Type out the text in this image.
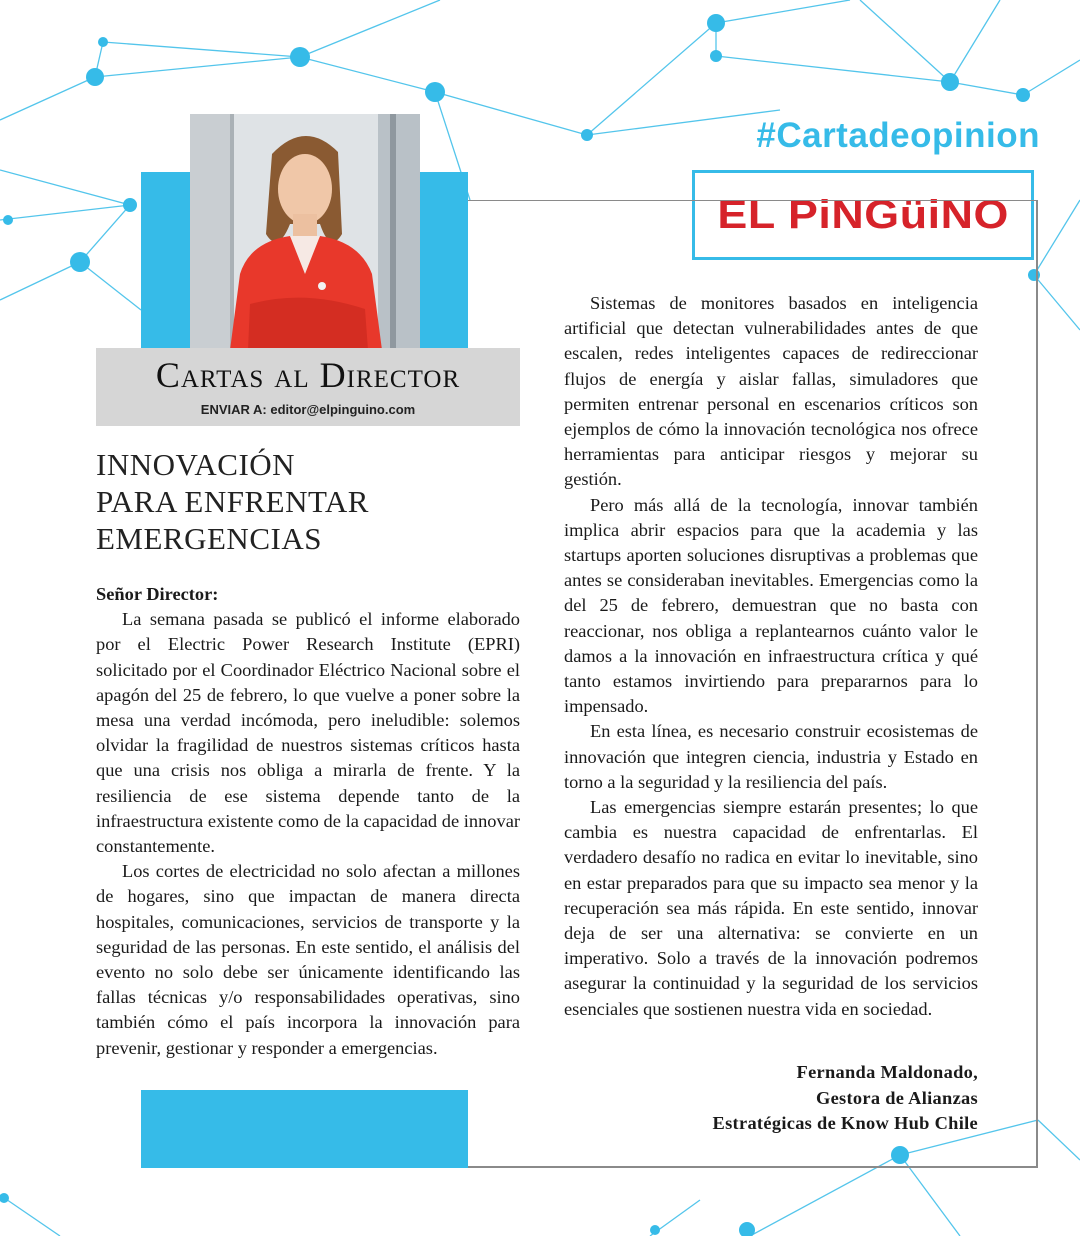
#Cartadeopinion
EL PiNGüiNO
Cartas al Director
ENVIAR A: editor@elpinguino.com
INNOVACIÓN
PARA ENFRENTAR
EMERGENCIAS

Señor Director:

La semana pasada se publicó el informe elaborado por el Electric Power Research Institute (EPRI) solicitado por el Coordinador Eléctrico Nacional sobre el apagón del 25 de febrero, lo que vuelve a poner sobre la mesa una verdad incómoda, pero ineludible: solemos olvidar la fragilidad de nuestros sistemas críticos hasta que una crisis nos obliga a mirarla de frente. Y la resiliencia de ese sistema depende tanto de la infraestructura existente como de la capacidad de innovar constantemente.

Los cortes de electricidad no solo afectan a millones de hogares, sino que impactan de manera directa hospitales, comunicaciones, servicios de transporte y la seguridad de las personas. En este sentido, el análisis del evento no solo debe ser únicamente identificando las fallas técnicas y/o responsabilidades operativas, sino también cómo el país incorpora la innovación para prevenir, gestionar y responder a emergencias.

Sistemas de monitores basados en inteligencia artificial que detectan vulnerabilidades antes de que escalen, redes inteligentes capaces de redireccionar flujos de energía y aislar fallas, simuladores que permiten entrenar personal en escenarios críticos son ejemplos de cómo la innovación tecnológica nos ofrece herramientas para anticipar riesgos y mejorar su gestión.

Pero más allá de la tecnología, innovar también implica abrir espacios para que la academia y las startups aporten soluciones disruptivas a problemas que antes se consideraban inevitables. Emergencias como la del 25 de febrero, demuestran que no basta con reaccionar, nos obliga a replantearnos cuánto valor le damos a la innovación en infraestructura crítica y qué tanto estamos invirtiendo para prepararnos para lo impensado.

En esta línea, es necesario construir ecosistemas de innovación que integren ciencia, industria y Estado en torno a la seguridad y la resiliencia del país.

Las emergencias siempre estarán presentes; lo que cambia es nuestra capacidad de enfrentarlas. El verdadero desafío no radica en evitar lo inevitable, sino en estar preparados para que su impacto sea menor y la recuperación sea más rápida. En este sentido, innovar deja de ser una alternativa: se convierte en un imperativo. Solo a través de la innovación podremos asegurar la continuidad y la seguridad de los servicios esenciales que sostienen nuestra vida en sociedad.

Fernanda Maldonado,
Gestora de Alianzas
Estratégicas de Know Hub Chile
